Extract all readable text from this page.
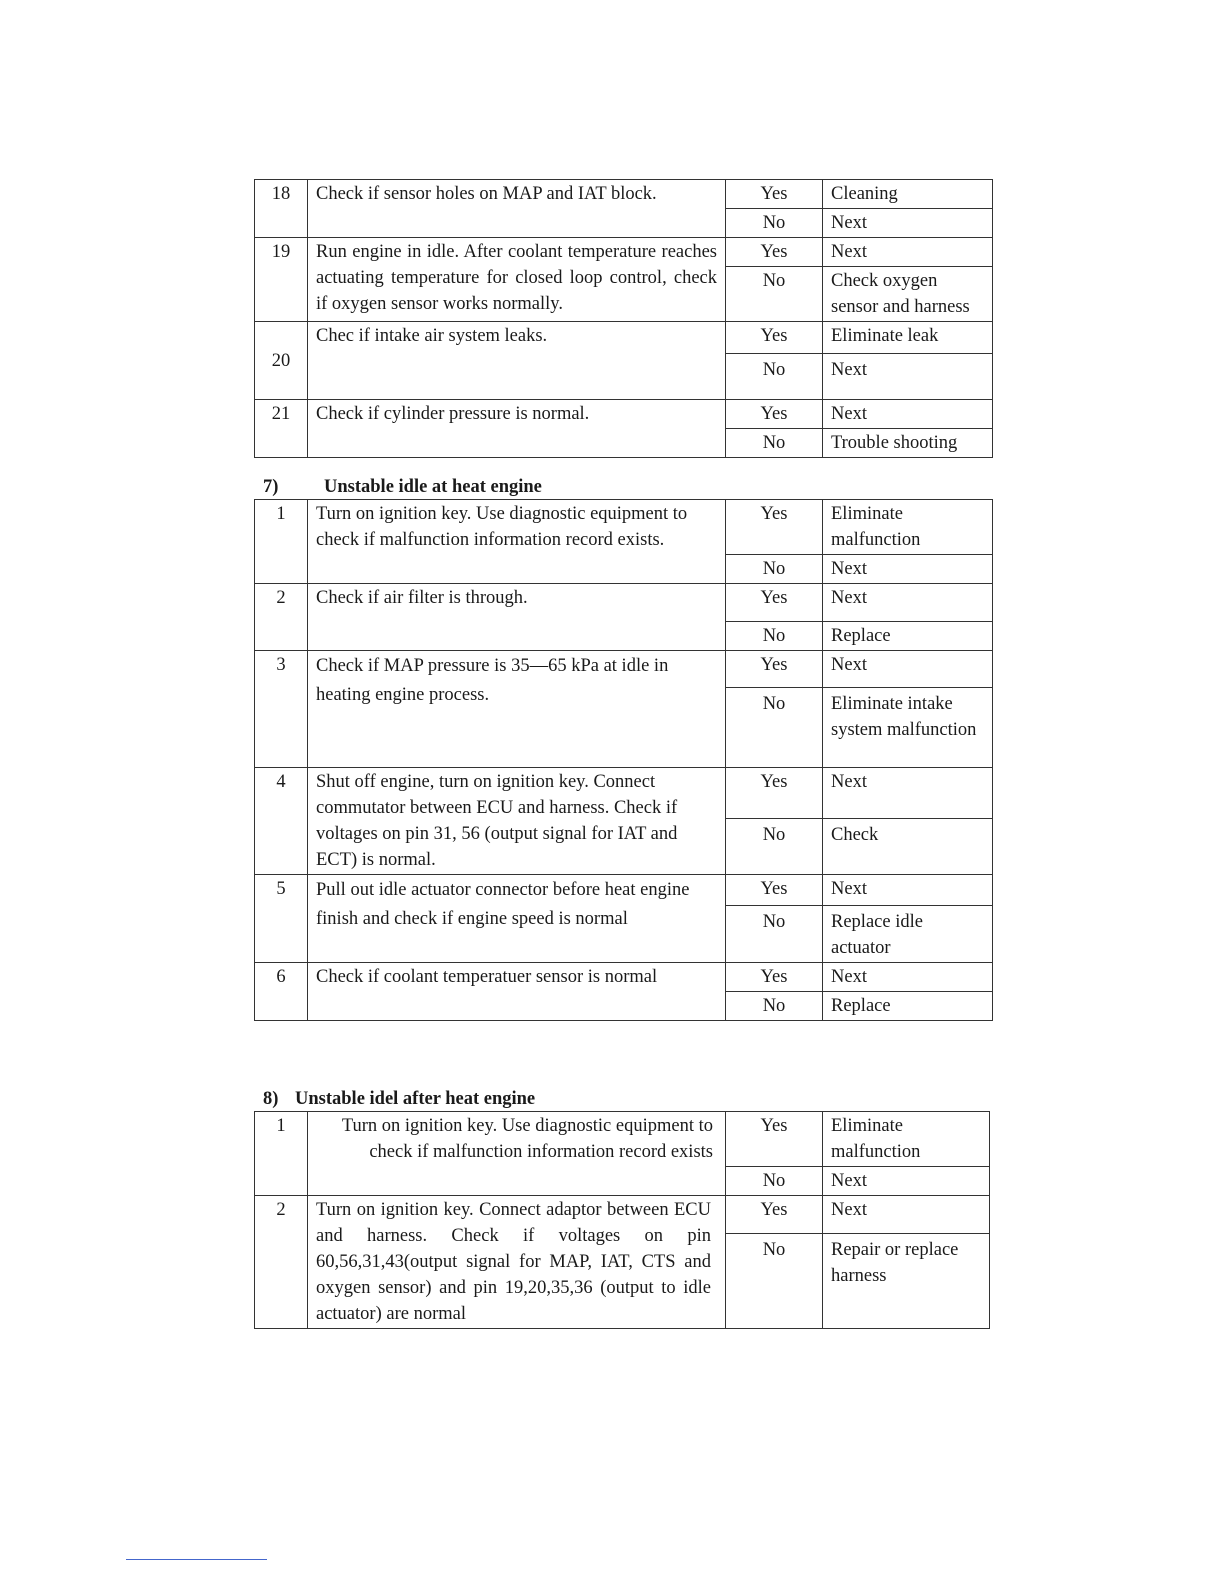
18	Check if sensor holes on MAP and IAT block.	Yes	Cleaning
		No	Next
19	Run engine in idle. After coolant temperature reaches actuating temperature for closed loop control, check if oxygen sensor works normally.	Yes	Next
		No	Check oxygen sensor and harness
20	Chec if intake air system leaks.	Yes	Eliminate leak
		No	Next
21	Check if cylinder pressure is normal.	Yes	Next
		No	Trouble shooting
7) Unstable idle at heat engine
1	Turn on ignition key. Use diagnostic equipment to check if malfunction information record exists.	Yes	Eliminate malfunction
		No	Next
2	Check if air filter is through.	Yes	Next
		No	Replace
3	Check if MAP pressure is 35—65 kPa at idle in heating engine process.	Yes	Next
		No	Eliminate intake system malfunction
4	Shut off engine, turn on ignition key. Connect commutator between ECU and harness. Check if voltages on pin 31, 56 (output signal for IAT and ECT) is normal.	Yes	Next
		No	Check
5	Pull out idle actuator connector before heat engine finish and check if engine speed is normal	Yes	Next
		No	Replace idle actuator
6	Check if coolant temperatuer sensor is normal	Yes	Next
		No	Replace
8) Unstable idel after heat engine
1	Turn on ignition key. Use diagnostic equipment to check if malfunction information record exists	Yes	Eliminate malfunction
		No	Next
2	Turn on ignition key. Connect adaptor between ECU and harness. Check if voltages on pin 60,56,31,43(output signal for MAP, IAT, CTS and oxygen sensor) and pin 19,20,35,36 (output to idle actuator) are normal	Yes	Next
		No	Repair or replace harness
